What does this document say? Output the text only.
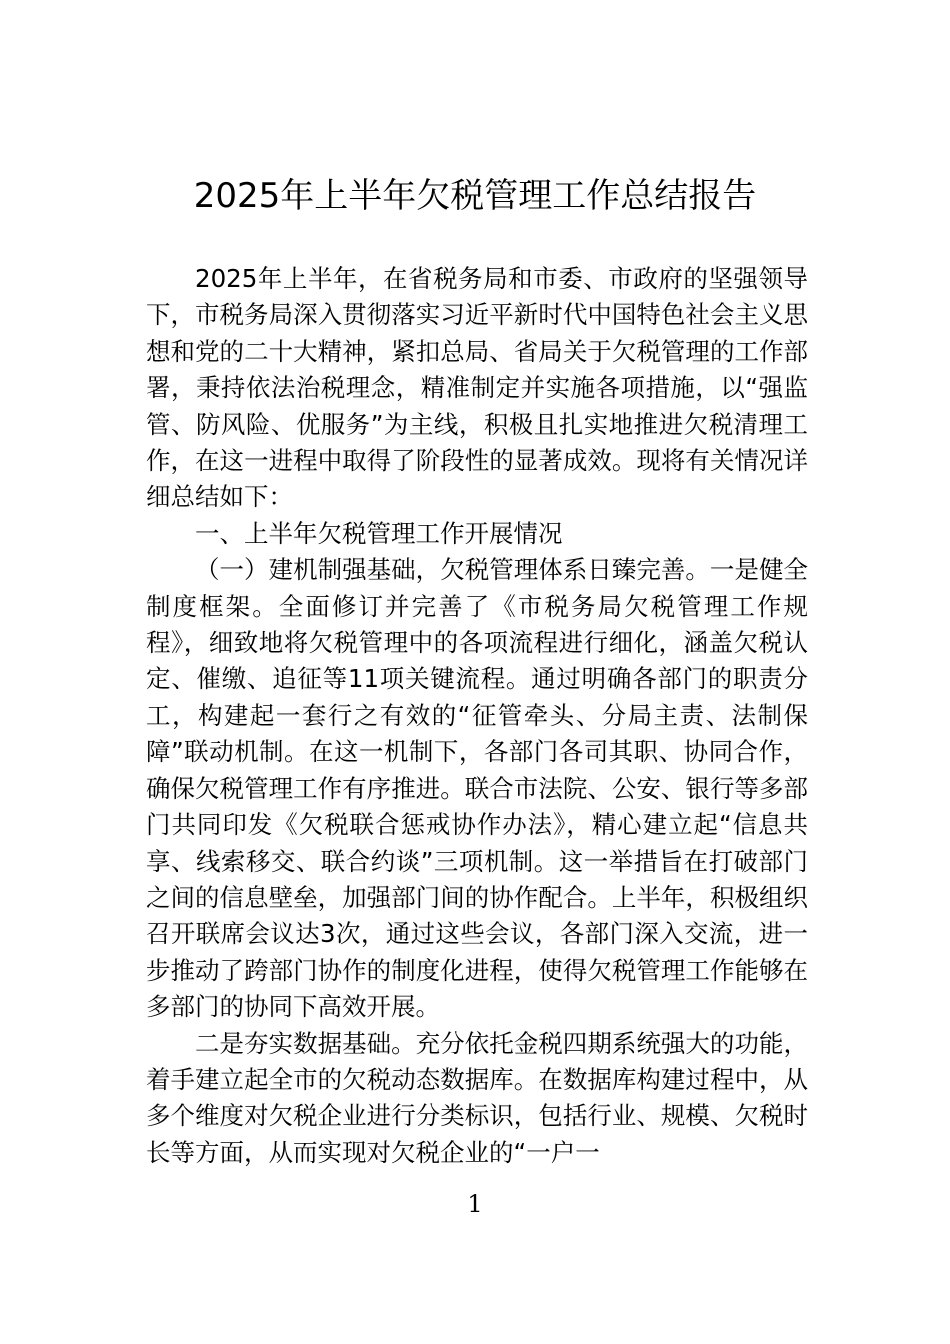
2025年上半年欠税管理工作总结报告

2025年上半年，在省税务局和市委、市政府的坚强领导下，市税务局深入贯彻落实习近平新时代中国特色社会主义思想和党的二十大精神，紧扣总局、省局关于欠税管理的工作部署，秉持依法治税理念，精准制定并实施各项措施，以“强监管、防风险、优服务”为主线，积极且扎实地推进欠税清理工作，在这一进程中取得了阶段性的显著成效。现将有关情况详细总结如下：

一、上半年欠税管理工作开展情况

（一）建机制强基础，欠税管理体系日臻完善。一是健全制度框架。全面修订并完善了《市税务局欠税管理工作规程》，细致地将欠税管理中的各项流程进行细化，涵盖欠税认定、催缴、追征等11项关键流程。通过明确各部门的职责分工，构建起一套行之有效的“征管牵头、分局主责、法制保障”联动机制。在这一机制下，各部门各司其职、协同合作，确保欠税管理工作有序推进。联合市法院、公安、银行等多部门共同印发《欠税联合惩戒协作办法》，精心建立起“信息共享、线索移交、联合约谈”三项机制。这一举措旨在打破部门之间的信息壁垒，加强部门间的协作配合。上半年，积极组织召开联席会议达3次，通过这些会议，各部门深入交流，进一步推动了跨部门协作的制度化进程，使得欠税管理工作能够在多部门的协同下高效开展。

二是夯实数据基础。充分依托金税四期系统强大的功能，着手建立起全市的欠税动态数据库。在数据库构建过程中，从多个维度对欠税企业进行分类标识，包括行业、规模、欠税时长等方面，从而实现对欠税企业的“一户一

1
